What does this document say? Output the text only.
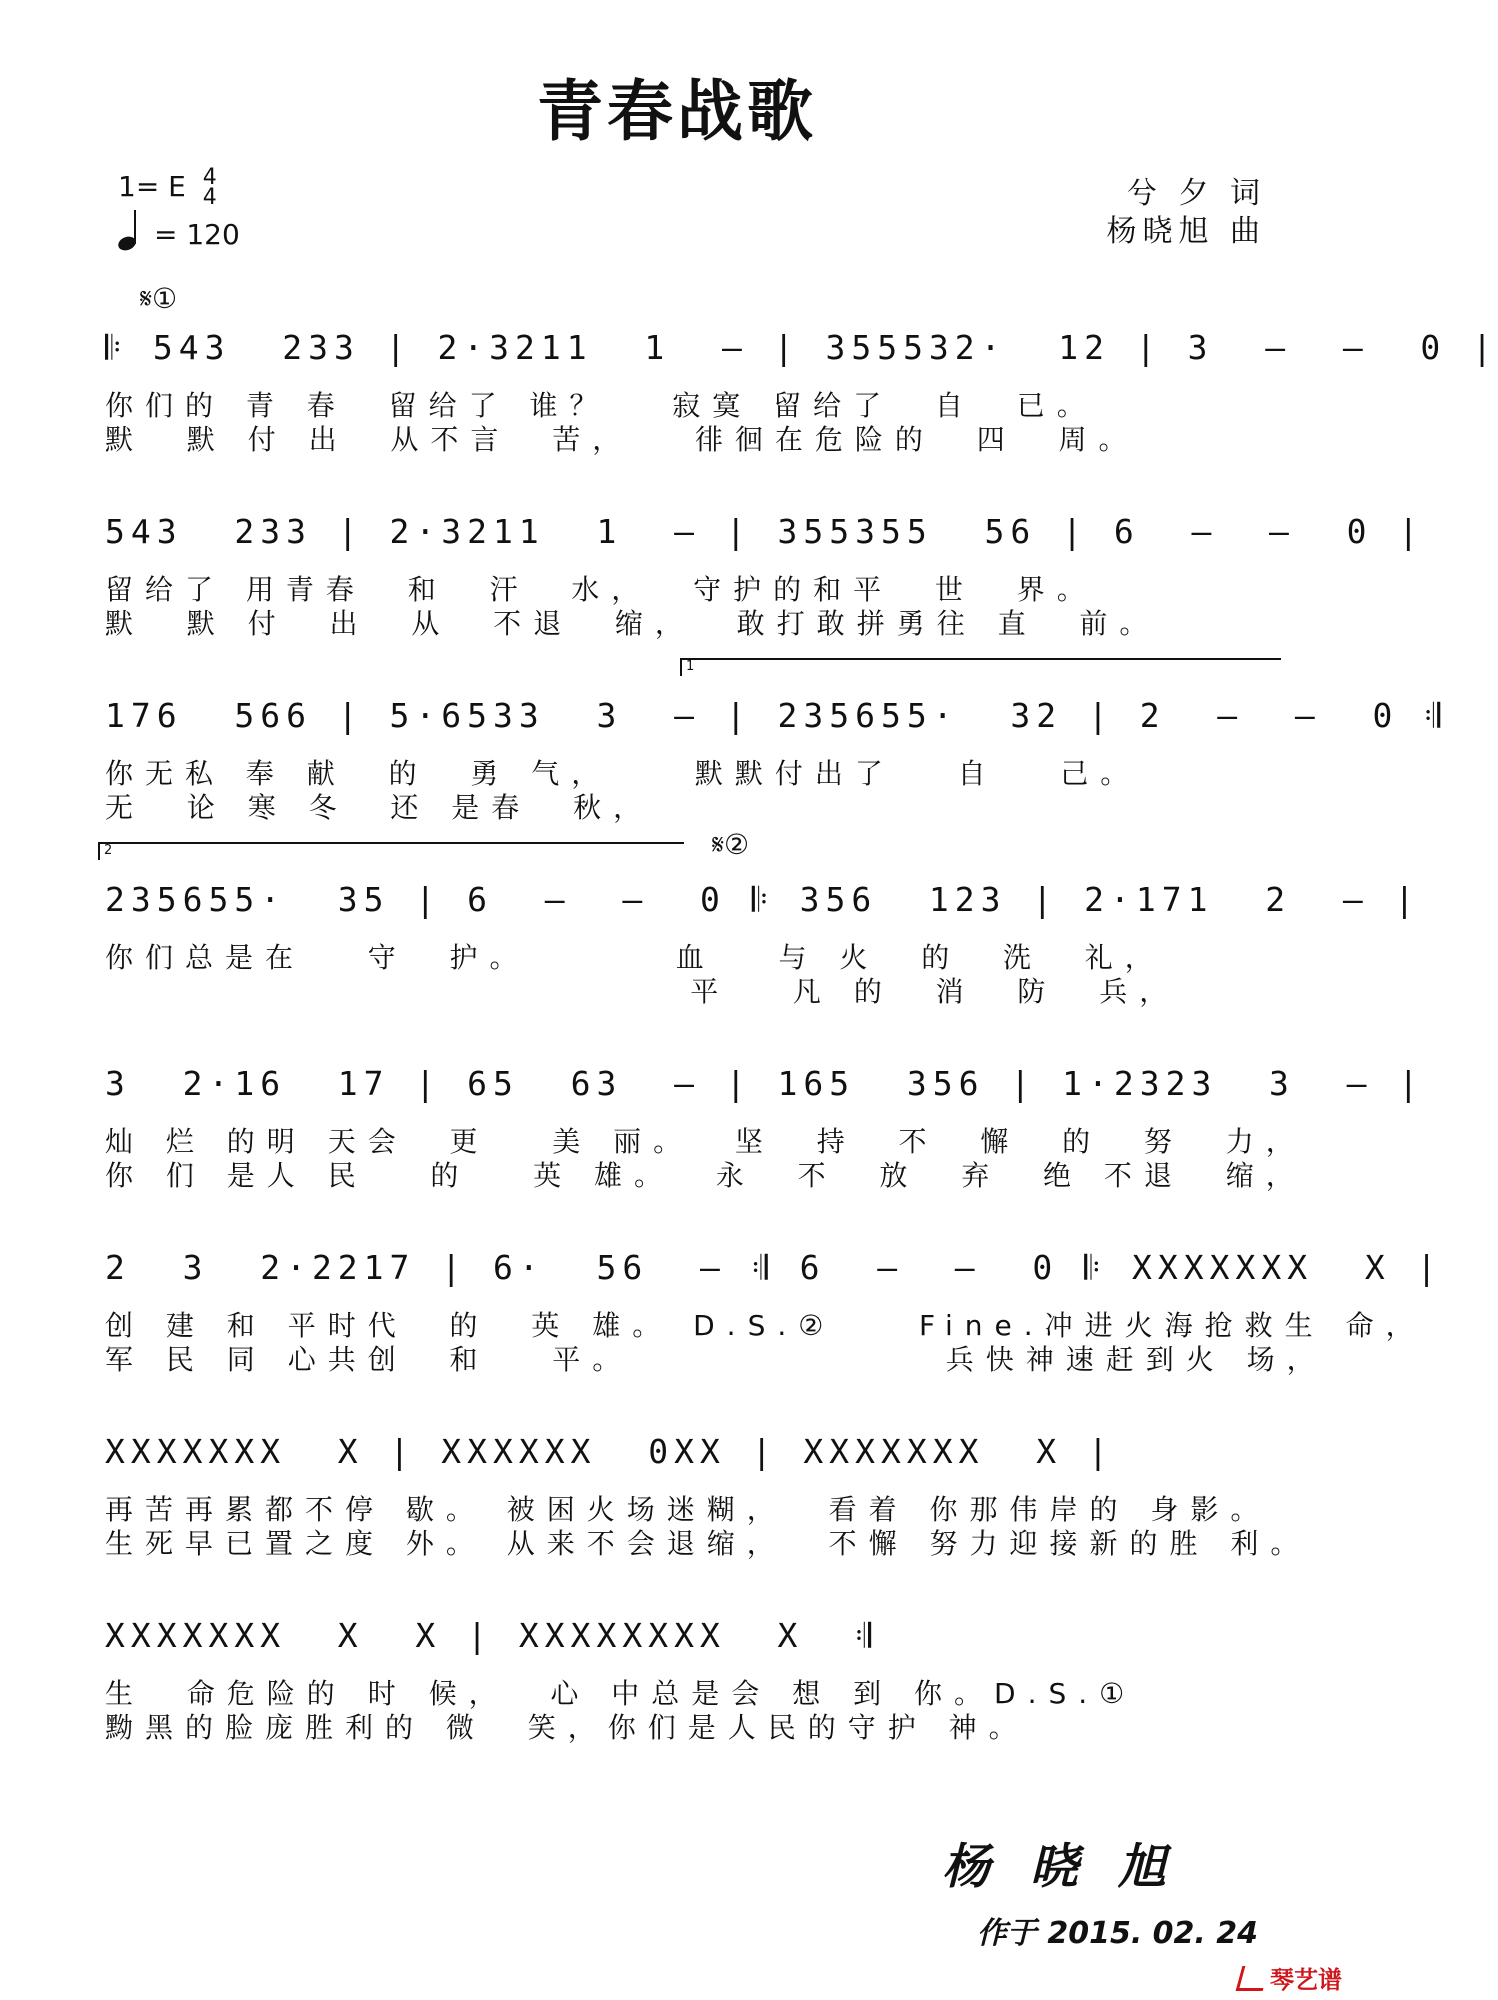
青春战歌
1= E 4
4
= 120
兮 夕 词
杨晓旭 曲
𝄋①
𝄋②
1
2
𝄆 543  233 | 2·3211  1  ‒ | 355532·  12 | 3  ‒  ‒  0 |
你们的 青 春  留给了 谁？   寂寞 留给了  自  已。
默  默 付 出  从不言  苦，   徘徊在危险的  四  周。
543  233 | 2·3211  1  ‒ | 355355  56 | 6  ‒  ‒  0 |
留给了 用青春  和  汗  水，  守护的和平  世  界。
默  默 付  出  从  不退  缩，  敢打敢拼勇往 直  前。
176  566 | 5·6533  3  ‒ | 235655·  32 | 2  ‒  ‒  0 𝄇
你无私 奉 献  的  勇 气，    默默付出了   自   己。
无  论 寒 冬  还 是春  秋，
235655·  35 | 6  ‒  ‒  0 𝄆 356  123 | 2·171  2  ‒ |
你们总是在   守  护。       血   与 火  的  洗  礼，
平   凡 的  消  防  兵，
3  2·16  17 | 65  63  ‒ | 165  356 | 1·2323  3  ‒ |
灿 烂 的明 天会  更   美 丽。  坚  持  不  懈  的  努  力，
你 们 是人 民   的   英 雄。  永  不  放  弃  绝 不退  缩，
2  3  2·2217 | 6·  56  ‒ 𝄇 6  ‒  ‒  0 𝄆 XXXXXXX  X |
创 建 和 平时代  的  英 雄。 D.S.②    Fine.冲进火海抢救生 命，
军 民 同 心共创  和   平。               兵快神速赶到火 场，
XXXXXXX  X | XXXXXX  0XX | XXXXXXX  X |
再苦再累都不停 歇。 被困火场迷糊，  看着 你那伟岸的 身影。
生死早已置之度 外。 从来不会退缩，  不懈 努力迎接新的胜 利。
XXXXXXX  X  X | XXXXXXXX  X  𝄇
生  命危险的 时 候，  心 中总是会 想 到 你。D.S.①
黝黑的脸庞胜利的 微  笑，你们是人民的守护 神。
杨晓旭
作于 2015. 02. 24
琴艺谱
